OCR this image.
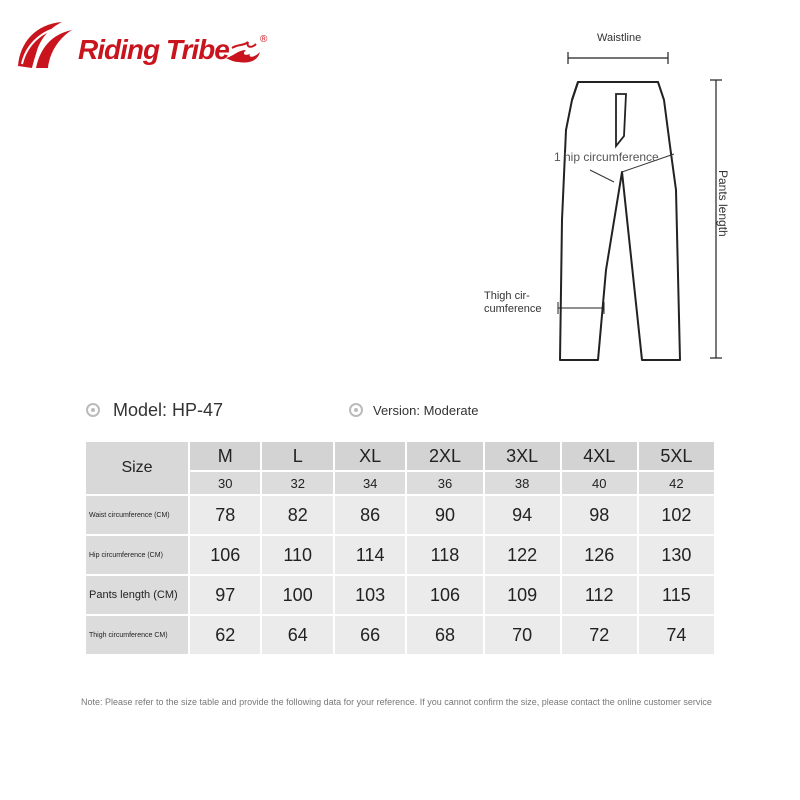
Riding Tribe	®	Waistline
1 hip circumference
Pants length
Thigh cir- cumference
Model: HP-47	Version: Moderate
Size	M	L	XL	2XL	3XL	4XL	5XL
	30	32	34	36	38	40	42
Waist circumference (CM)	78	82	86	90	94	98	102
Hip circumference (CM)	106	110	114	118	122	126	130
Pants length (CM)	97	100	103	106	109	112	115
Thigh circumference CM)	62	64	66	68	70	72	74
Note: Please refer to the size table and provide the following data for your reference. If you cannot confirm the size, please contact the online customer service
